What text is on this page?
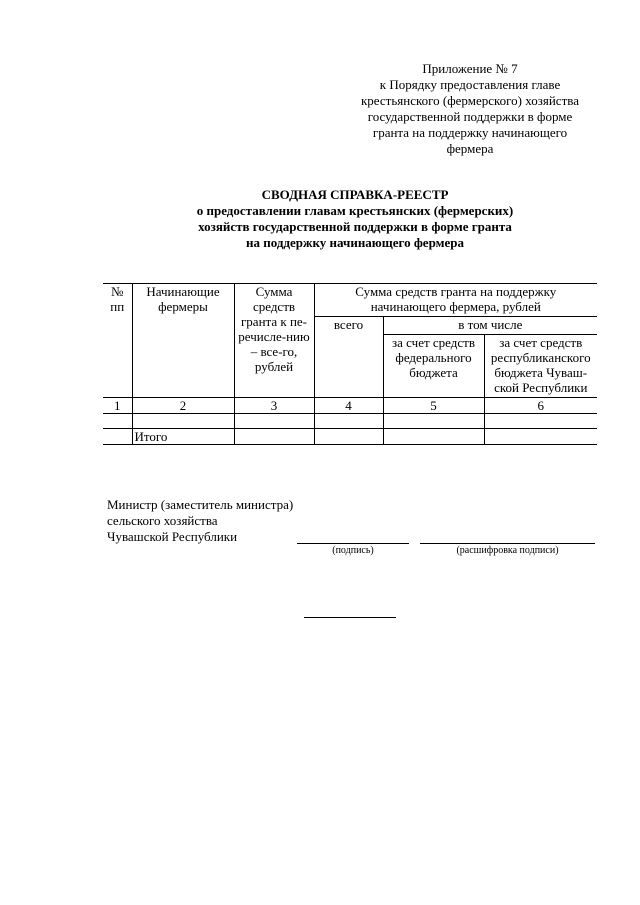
Приложение № 7
к Порядку предоставления главе
крестьянского (фермерского) хозяйства
государственной поддержки в форме
гранта на поддержку начинающего
фермера
СВОДНАЯ СПРАВКА-РЕЕСТР
о предоставлении главам крестьянских (фермерских)
хозяйств государственной поддержки в форме гранта
на поддержку начинающего фермера
№ пп	Начинающие фермеры	Сумма средств гранта к пе-речисле-нию – все-го, рублей	Сумма средств гранта на поддержку начинающего фермера, рублей		
			всего	в том числе	
				за счет средств федерального бюджета	за счет средств республиканского бюджета Чуваш-ской Республики
1	2	3	4	5	6

	Итого				
Министр (заместитель министра)
сельского хозяйства
Чувашской Республики
(подпись)	(расшифровка подписи)
